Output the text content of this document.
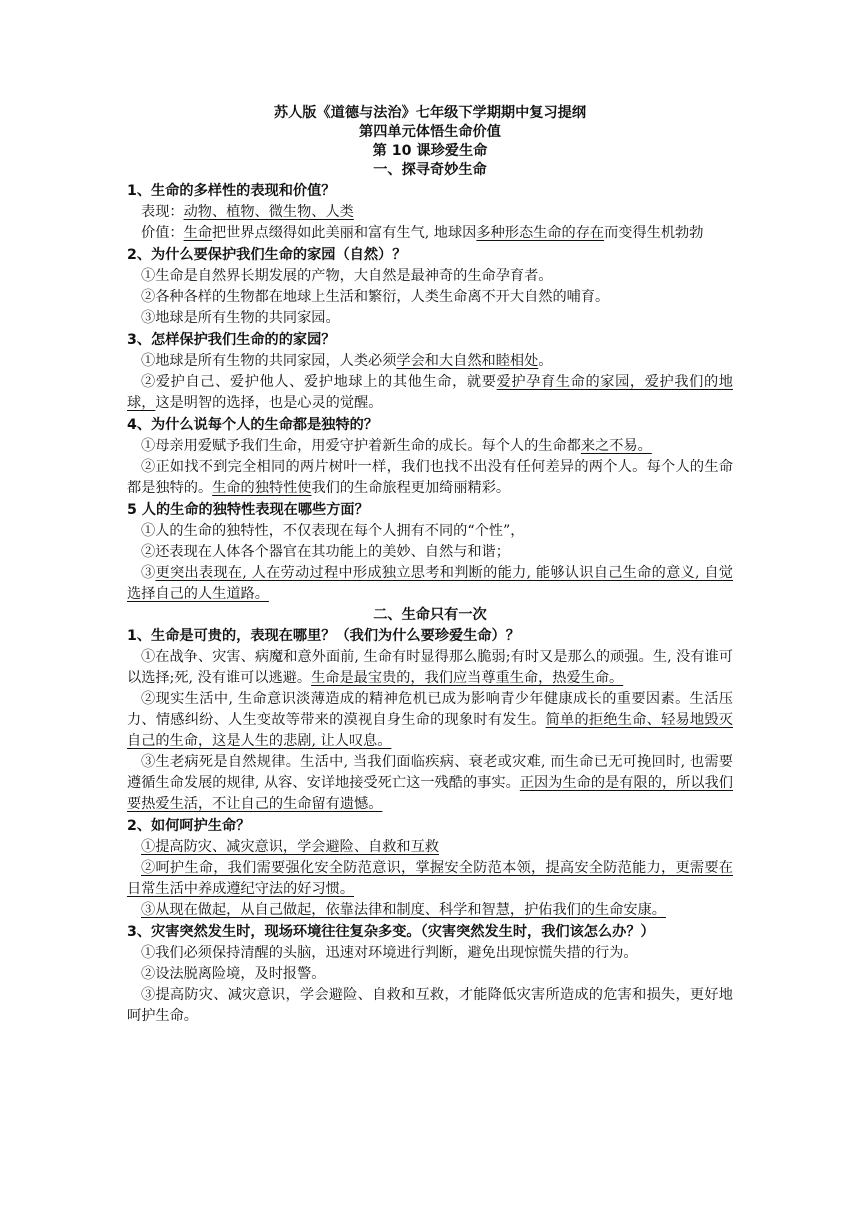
苏人版《道德与法治》七年级下学期期中复习提纲
第四单元体悟生命价值
第 10 课珍爱生命
一、探寻奇妙生命
1、生命的多样性的表现和价值？
表现：动物、植物、微生物、人类
价值：生命把世界点缀得如此美丽和富有生气, 地球因多种形态生命的存在而变得生机勃勃
2、为什么要保护我们生命的家园（自然）？
①生命是自然界长期发展的产物，大自然是最神奇的生命孕育者。
②各种各样的生物都在地球上生活和繁衍，人类生命离不开大自然的哺育。
③地球是所有生物的共同家园。
3、怎样保护我们生命的的家园？
①地球是所有生物的共同家园，人类必须学会和大自然和睦相处。
②爱护自己、爱护他人、爱护地球上的其他生命，就要爱护孕育生命的家园，爱护我们的地球，这是明智的选择，也是心灵的觉醒。
4、为什么说每个人的生命都是独特的？
①母亲用爱赋予我们生命，用爱守护着新生命的成长。每个人的生命都来之不易。
②正如找不到完全相同的两片树叶一样，我们也找不出没有任何差异的两个人。每个人的生命都是独特的。生命的独特性使我们的生命旅程更加绮丽精彩。
5 人的生命的独特性表现在哪些方面？
①人的生命的独特性，不仅表现在每个人拥有不同的“个性”，
②还表现在人体各个器官在其功能上的美妙、自然与和谐；
③更突出表现在, 人在劳动过程中形成独立思考和判断的能力, 能够认识自己生命的意义, 自觉选择自己的人生道路。
二、生命只有一次
1、生命是可贵的，表现在哪里？（我们为什么要珍爱生命）？
①在战争、灾害、病魔和意外面前, 生命有时显得那么脆弱;有时又是那么的顽强。生, 没有谁可以选择;死, 没有谁可以逃避。生命是最宝贵的，我们应当尊重生命，热爱生命。
②现实生活中, 生命意识淡薄造成的精神危机已成为影响青少年健康成长的重要因素。生活压力、情感纠纷、人生变故等带来的漠视自身生命的现象时有发生。简单的拒绝生命、轻易地毁灭自己的生命，这是人生的悲剧, 让人叹息。
③生老病死是自然规律。生活中, 当我们面临疾病、衰老或灾难, 而生命已无可挽回时, 也需要遵循生命发展的规律, 从容、安详地接受死亡这一残酷的事实。正因为生命的是有限的，所以我们要热爱生活，不让自己的生命留有遗憾。
2、如何呵护生命？
①提高防灾、减灾意识，学会避险、自救和互救
②呵护生命，我们需要强化安全防范意识，掌握安全防范本领，提高安全防范能力，更需要在日常生活中养成遵纪守法的好习惯。
③从现在做起，从自己做起，依靠法律和制度、科学和智慧，护佑我们的生命安康。
3、灾害突然发生时，现场环境往往复杂多变。（灾害突然发生时，我们该怎么办？）
①我们必须保持清醒的头脑，迅速对环境进行判断，避免出现惊慌失措的行为。
②设法脱离险境，及时报警。
③提高防灾、减灾意识，学会避险、自救和互救，才能降低灾害所造成的危害和损失，更好地呵护生命。
